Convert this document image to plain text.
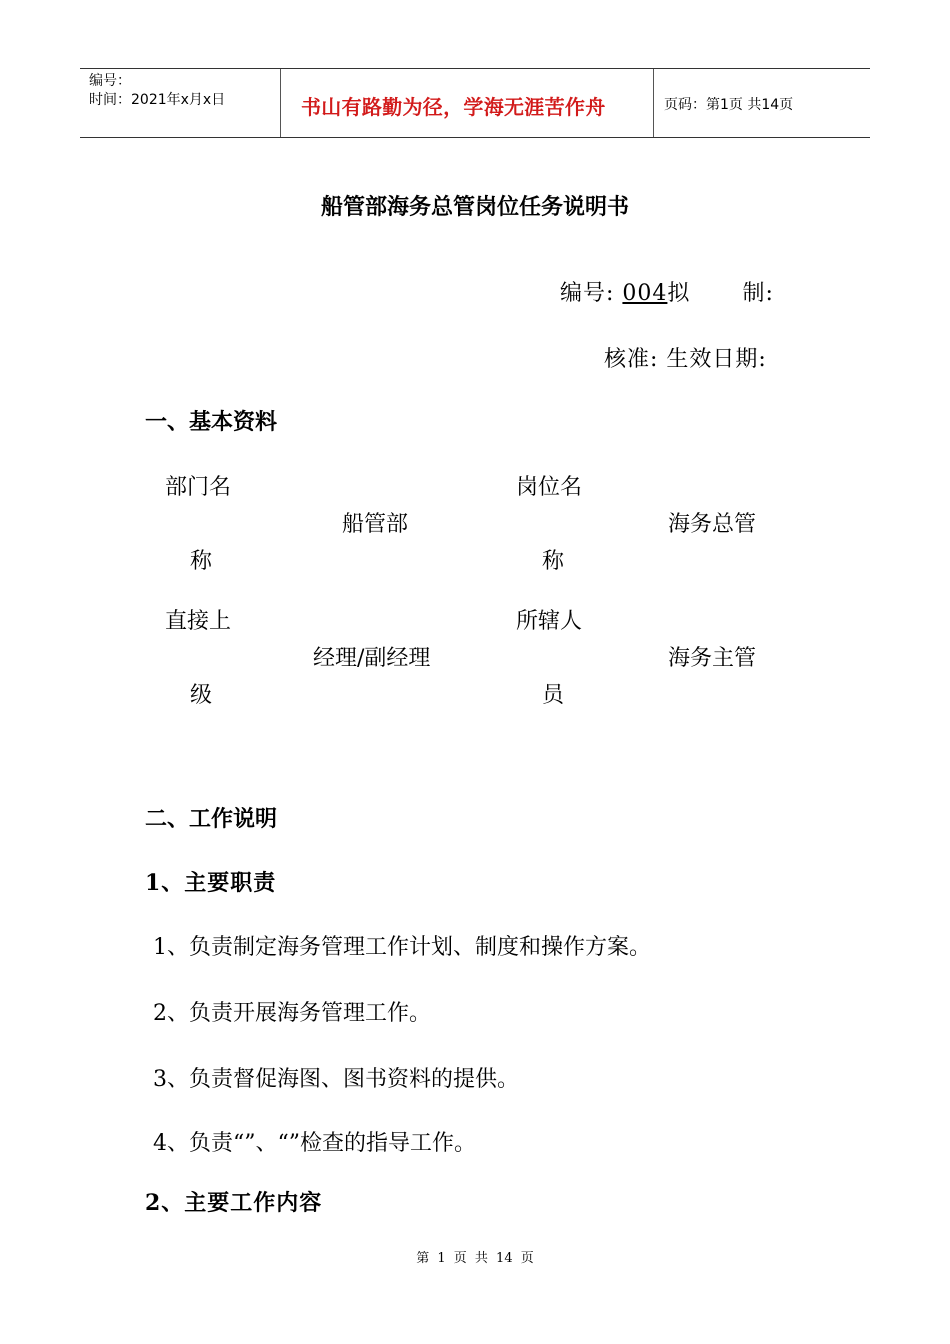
编号：
时间：2021年x月x日	书山有路勤为径，学海无涯苦作舟	页码：第1页 共14页
船管部海务总管岗位任务说明书
编号: 004拟 制:
核准: 生效日期:
一、基本资料
部门名
称
船管部
岗位名
称
海务总管
直接上
级
经理/副经理
所辖人
员
海务主管
二、工作说明
1、主要职责
1、负责制定海务管理工作计划、制度和操作方案。
2、负责开展海务管理工作。
3、负责督促海图、图书资料的提供。
4、负责“”、“”检查的指导工作。
2、主要工作内容
第 1 页 共 14 页
